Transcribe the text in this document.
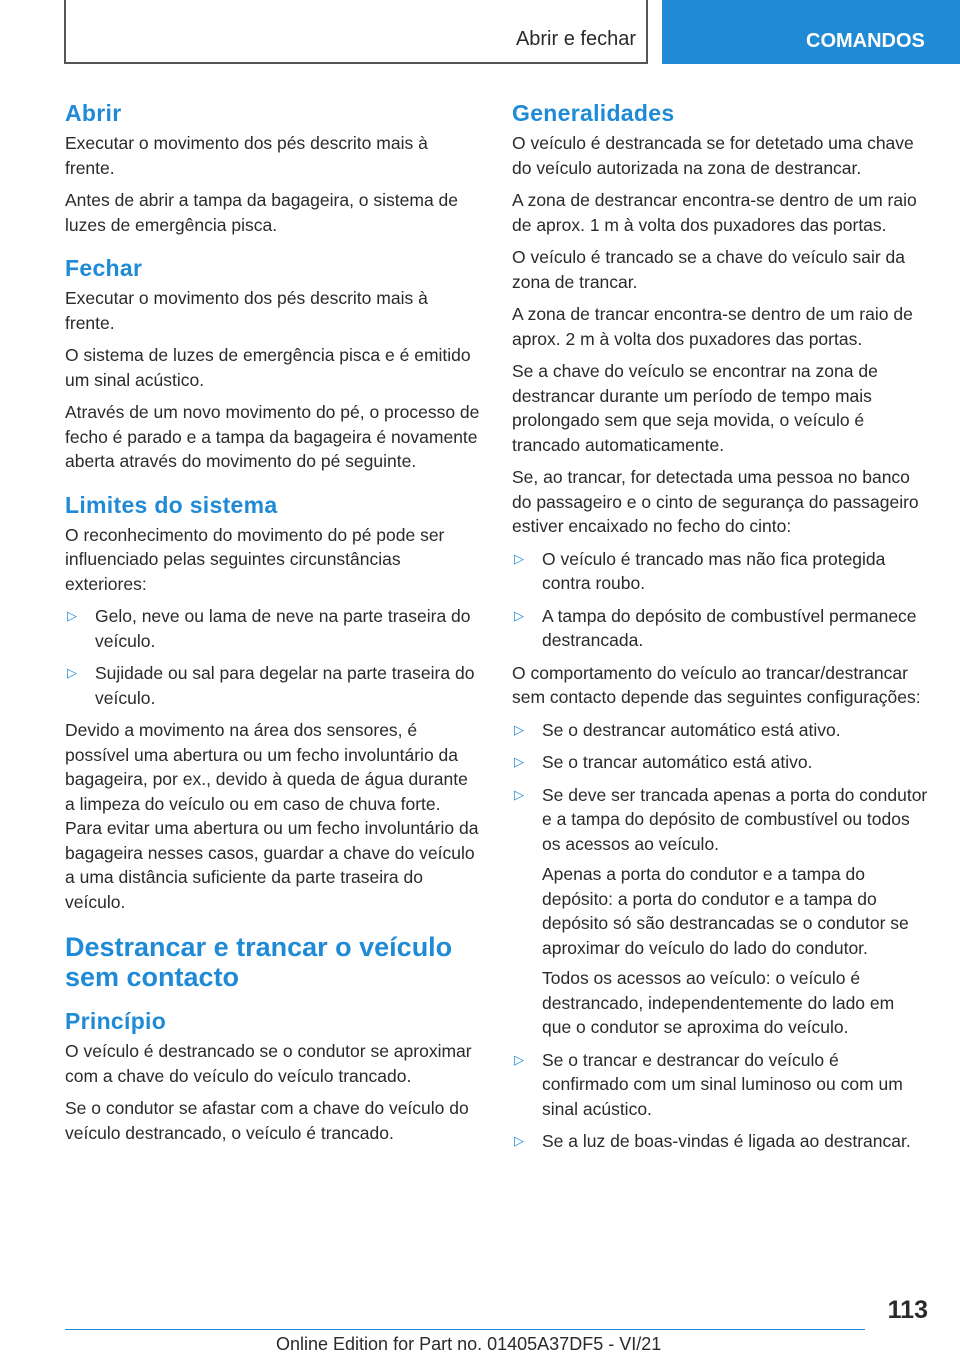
Abrir e fechar	COMANDOS
Abrir

Executar o movimento dos pés descrito mais à frente.

Antes de abrir a tampa da bagageira, o sistema de luzes de emergência pisca.

Fechar

Executar o movimento dos pés descrito mais à frente.

O sistema de luzes de emergência pisca e é emitido um sinal acústico.

Através de um novo movimento do pé, o processo de fecho é parado e a tampa da bagageira é novamente aberta através do movimento do pé seguinte.

Limites do sistema

O reconhecimento do movimento do pé pode ser influenciado pelas seguintes circunstâncias exteriores:

▷ Gelo, neve ou lama de neve na parte traseira do veículo.
▷ Sujidade ou sal para degelar na parte traseira do veículo.

Devido a movimento na área dos sensores, é possível uma abertura ou um fecho involuntário da bagageira, por ex., devido à queda de água durante a limpeza do veículo ou em caso de chuva forte. Para evitar uma abertura ou um fecho involuntário da bagageira nesses casos, guardar a chave do veículo a uma distância suficiente da parte traseira do veículo.

Destrancar e trancar o veículo sem contacto
Princípio

O veículo é destrancado se o condutor se aproximar com a chave do veículo do veículo trancado.

Se o condutor se afastar com a chave do veículo do veículo destrancado, o veículo é trancado.

Generalidades

O veículo é destrancada se for detetado uma chave do veículo autorizada na zona de destrancar.

A zona de destrancar encontra-se dentro de um raio de aprox. 1 m à volta dos puxadores das portas.

O veículo é trancado se a chave do veículo sair da zona de trancar.

A zona de trancar encontra-se dentro de um raio de aprox. 2 m à volta dos puxadores das portas.

Se a chave do veículo se encontrar na zona de destrancar durante um período de tempo mais prolongado sem que seja movida, o veículo é trancado automaticamente.

Se, ao trancar, for detectada uma pessoa no banco do passageiro e o cinto de segurança do passageiro estiver encaixado no fecho do cinto:

▷ O veículo é trancado mas não fica protegida contra roubo.
▷ A tampa do depósito de combustível permanece destrancada.

O comportamento do veículo ao trancar/destrancar sem contacto depende das seguintes configurações:

▷ Se o destrancar automático está ativo.
▷ Se o trancar automático está ativo.
▷ Se deve ser trancada apenas a porta do condutor e a tampa do depósito de combustível ou todos os acessos ao veículo.
Apenas a porta do condutor e a tampa do depósito: a porta do condutor e a tampa do depósito só são destrancadas se o condutor se aproximar do veículo do lado do condutor.
Todos os acessos ao veículo: o veículo é destrancado, independentemente do lado em que o condutor se aproxima do veículo.
▷ Se o trancar e destrancar do veículo é confirmado com um sinal luminoso ou com um sinal acústico.
▷ Se a luz de boas-vindas é ligada ao destrancar.
113
Online Edition for Part no. 01405A37DF5 - VI/21
